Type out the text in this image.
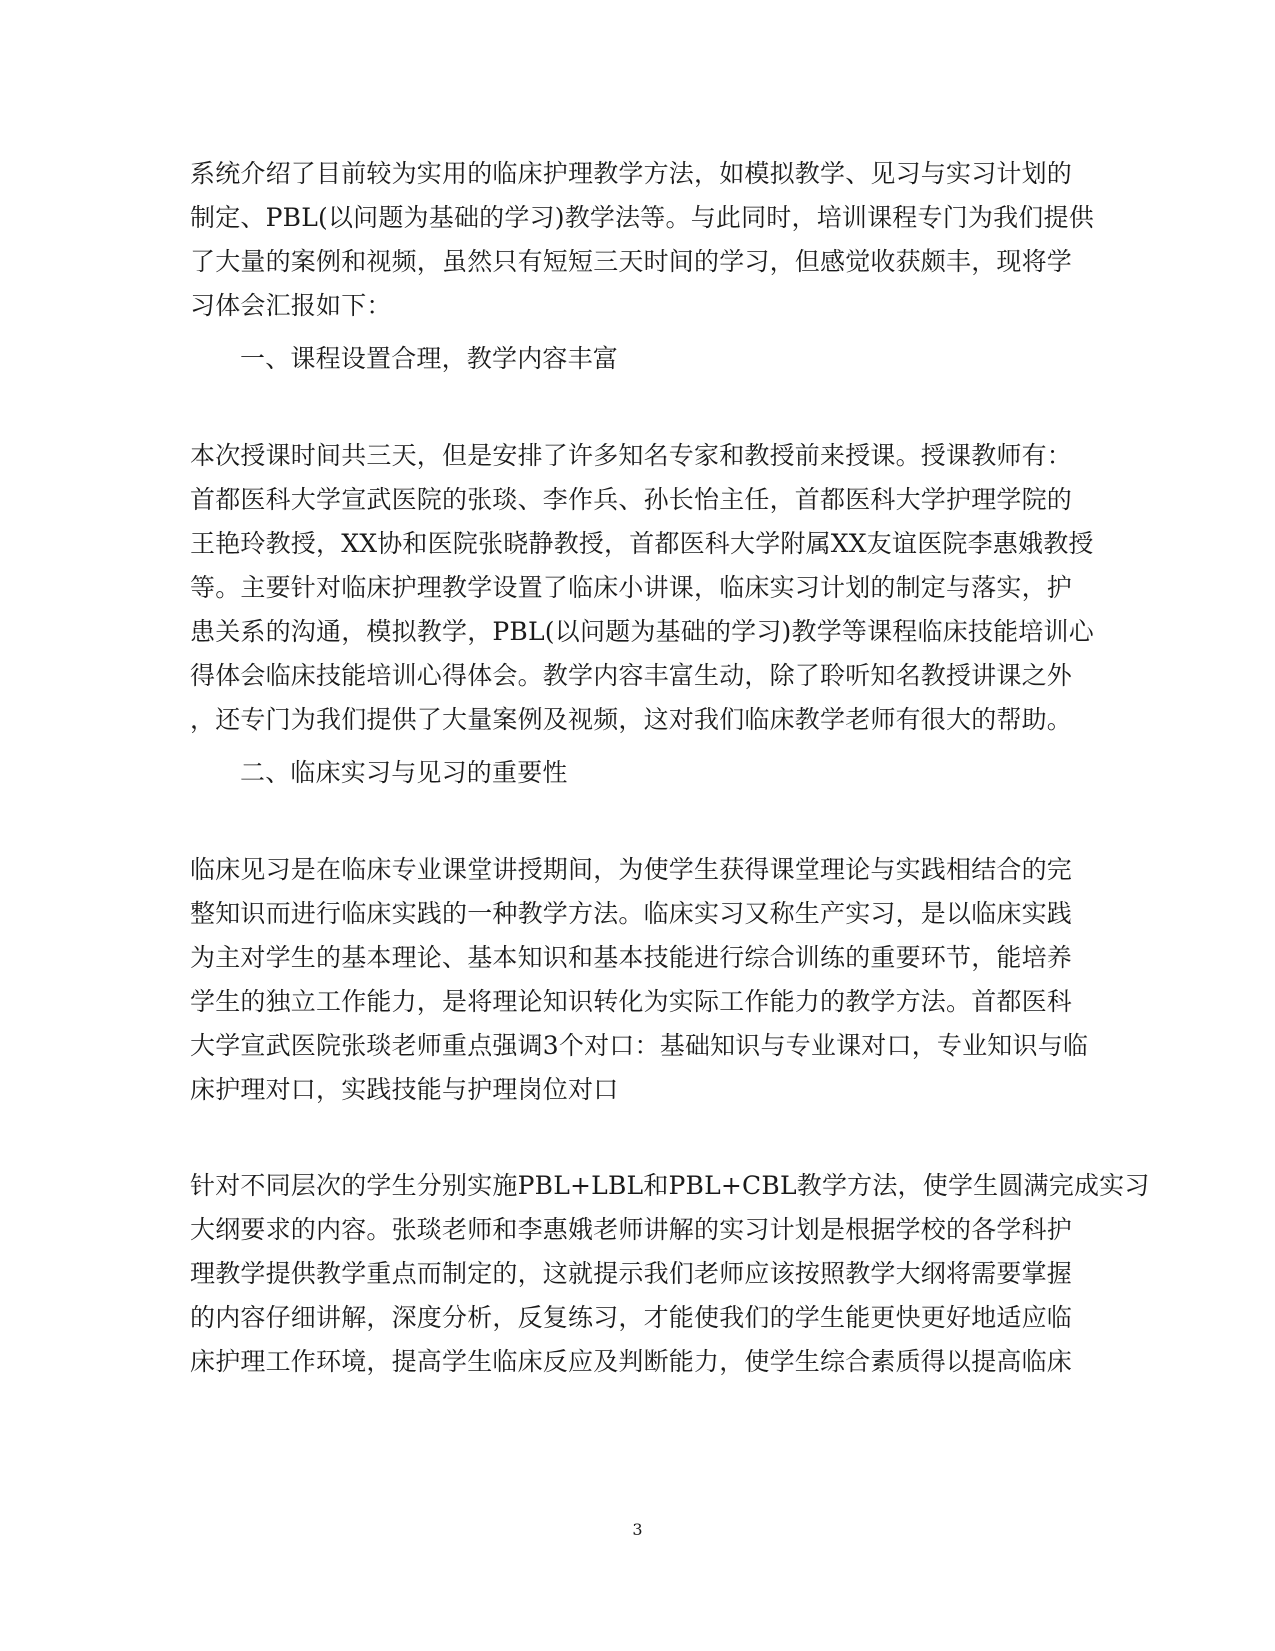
系统介绍了目前较为实用的临床护理教学方法，如模拟教学、见习与实习计划的
制定、PBL(以问题为基础的学习)教学法等。与此同时，培训课程专门为我们提供
了大量的案例和视频，虽然只有短短三天时间的学习，但感觉收获颇丰，现将学
习体会汇报如下：
一、课程设置合理，教学内容丰富
本次授课时间共三天，但是安排了许多知名专家和教授前来授课。授课教师有：
首都医科大学宣武医院的张琰、李作兵、孙长怡主任，首都医科大学护理学院的
王艳玲教授，XX协和医院张晓静教授，首都医科大学附属XX友谊医院李惠娥教授
等。主要针对临床护理教学设置了临床小讲课，临床实习计划的制定与落实，护
患关系的沟通，模拟教学，PBL(以问题为基础的学习)教学等课程临床技能培训心
得体会临床技能培训心得体会。教学内容丰富生动，除了聆听知名教授讲课之外
，还专门为我们提供了大量案例及视频，这对我们临床教学老师有很大的帮助。
二、临床实习与见习的重要性
临床见习是在临床专业课堂讲授期间，为使学生获得课堂理论与实践相结合的完
整知识而进行临床实践的一种教学方法。临床实习又称生产实习，是以临床实践
为主对学生的基本理论、基本知识和基本技能进行综合训练的重要环节，能培养
学生的独立工作能力，是将理论知识转化为实际工作能力的教学方法。首都医科
大学宣武医院张琰老师重点强调3个对口：基础知识与专业课对口，专业知识与临
床护理对口，实践技能与护理岗位对口
针对不同层次的学生分别实施PBL+LBL和PBL+CBL教学方法，使学生圆满完成实习
大纲要求的内容。张琰老师和李惠娥老师讲解的实习计划是根据学校的各学科护
理教学提供教学重点而制定的，这就提示我们老师应该按照教学大纲将需要掌握
的内容仔细讲解，深度分析，反复练习，才能使我们的学生能更快更好地适应临
床护理工作环境，提高学生临床反应及判断能力，使学生综合素质得以提高临床
3
